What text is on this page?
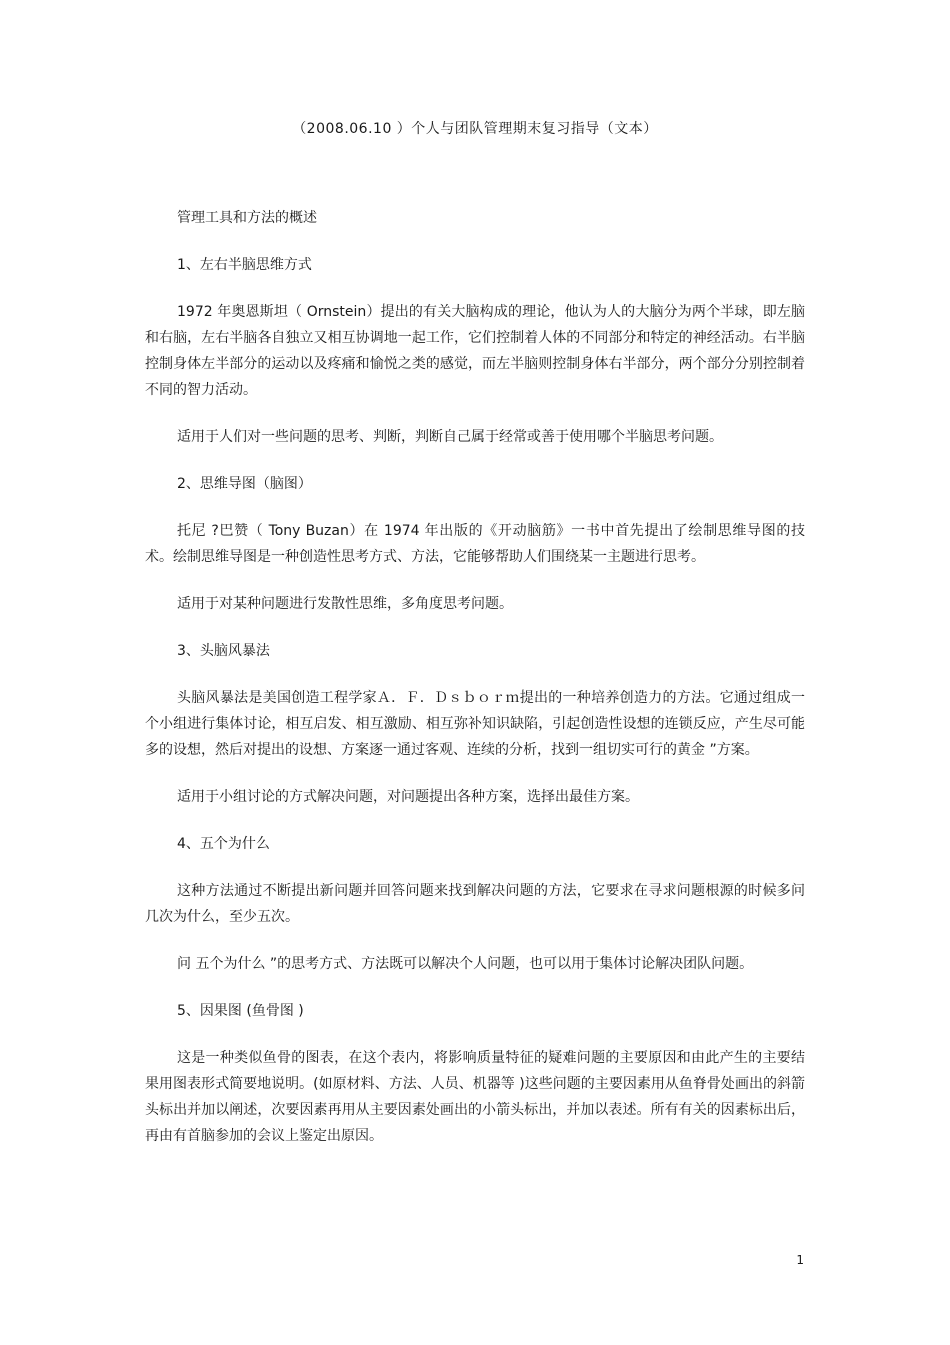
（2008.06.10 ）个人与团队管理期末复习指导（文本）

管理工具和方法的概述

1、左右半脑思维方式

1972 年奥恩斯坦（ Ornstein）提出的有关大脑构成的理论，他认为人的大脑分为两个半球，即左脑和右脑，左右半脑各自独立又相互协调地一起工作，它们控制着人体的不同部分和特定的神经活动。右半脑控制身体左半部分的运动以及疼痛和愉悦之类的感觉，而左半脑则控制身体右半部分，两个部分分别控制着不同的智力活动。

适用于人们对一些问题的思考、判断，判断自己属于经常或善于使用哪个半脑思考问题。

2、思维导图（脑图）

托尼 ?巴赞（ Tony Buzan）在 1974 年出版的《开动脑筋》一书中首先提出了绘制思维导图的技术。绘制思维导图是一种创造性思考方式、方法，它能够帮助人们围绕某一主题进行思考。

适用于对某种问题进行发散性思维，多角度思考问题。

3、头脑风暴法

头脑风暴法是美国创造工程学家Ａ．Ｆ．Ｄｓｂｏｒｍ提出的一种培养创造力的方法。它通过组成一个小组进行集体讨论，相互启发、相互激励、相互弥补知识缺陷，引起创造性设想的连锁反应，产生尽可能多的设想，然后对提出的设想、方案逐一通过客观、连续的分析，找到一组切实可行的黄金 ”方案。

适用于小组讨论的方式解决问题，对问题提出各种方案，选择出最佳方案。

4、五个为什么

这种方法通过不断提出新问题并回答问题来找到解决问题的方法，它要求在寻求问题根源的时候多问几次为什么，至少五次。

问 五个为什么 ”的思考方式、方法既可以解决个人问题，也可以用于集体讨论解决团队问题。

5、因果图 (鱼骨图 )

这是一种类似鱼骨的图表，在这个表内，将影响质量特征的疑难问题的主要原因和由此产生的主要结果用图表形式简要地说明。(如原材料、方法、人员、机器等 )这些问题的主要因素用从鱼脊骨处画出的斜箭头标出并加以阐述，次要因素再用从主要因素处画出的小箭头标出，并加以表述。所有有关的因素标出后，再由有首脑参加的会议上鉴定出原因。

1
